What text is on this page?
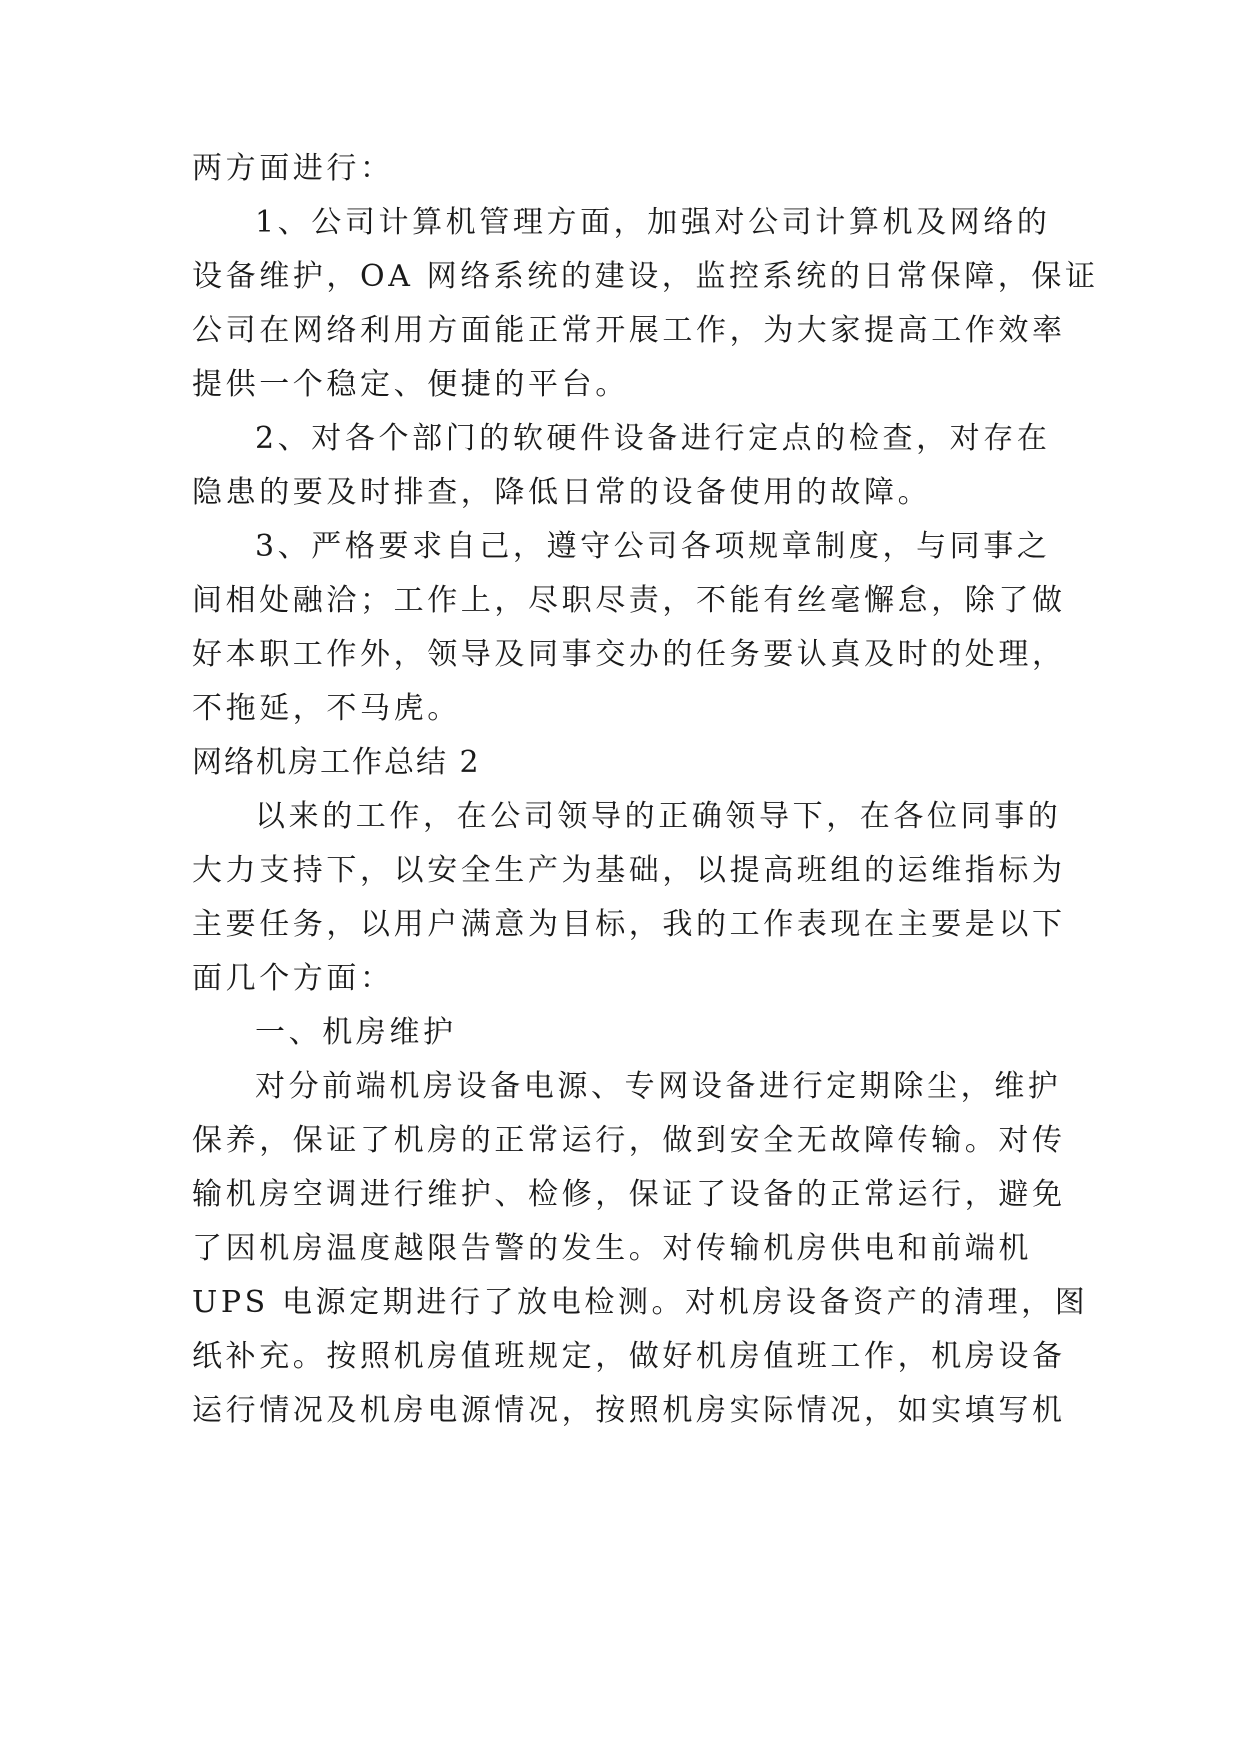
两方面进行：
1、公司计算机管理方面，加强对公司计算机及网络的
设备维护，OA 网络系统的建设，监控系统的日常保障，保证
公司在网络利用方面能正常开展工作，为大家提高工作效率
提供一个稳定、便捷的平台。
2、对各个部门的软硬件设备进行定点的检查，对存在
隐患的要及时排查，降低日常的设备使用的故障。
3、严格要求自己，遵守公司各项规章制度，与同事之
间相处融洽；工作上，尽职尽责，不能有丝毫懈怠，除了做
好本职工作外，领导及同事交办的任务要认真及时的处理，
不拖延，不马虎。
网络机房工作总结 2
以来的工作，在公司领导的正确领导下，在各位同事的
大力支持下，以安全生产为基础，以提高班组的运维指标为
主要任务，以用户满意为目标，我的工作表现在主要是以下
面几个方面：
一、机房维护
对分前端机房设备电源、专网设备进行定期除尘，维护
保养，保证了机房的正常运行，做到安全无故障传输。对传
输机房空调进行维护、检修，保证了设备的正常运行，避免
了因机房温度越限告警的发生。对传输机房供电和前端机
UPS 电源定期进行了放电检测。对机房设备资产的清理，图
纸补充。按照机房值班规定，做好机房值班工作，机房设备
运行情况及机房电源情况，按照机房实际情况，如实填写机
